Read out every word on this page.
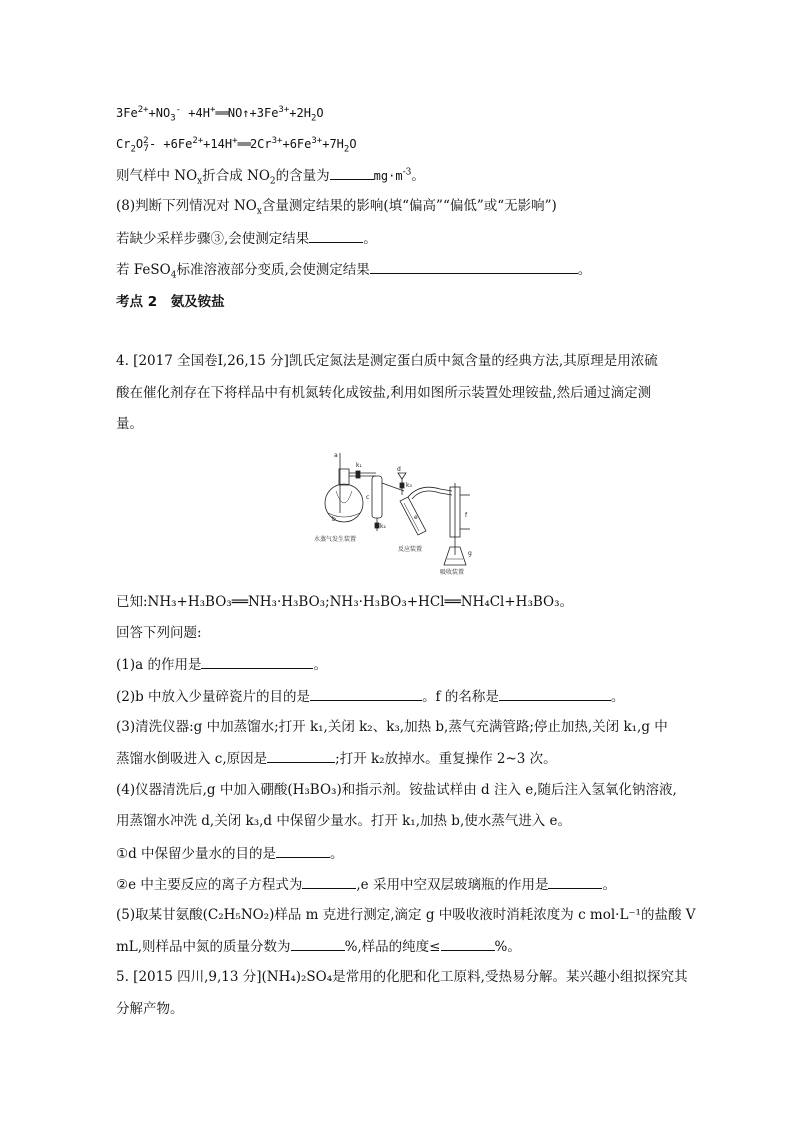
$3Fe^{2+}+NO_3^-$ $+4H^+══NO↑+3Fe^{3+}+2H_2O$
$Cr_2O^2_7-$ $+6Fe^{2+}+14H^+══2Cr^{3+}+6Fe^{3+}+7H_2O$
则气样中 $NO_x$折合成 $NO_2$的含量为	$mg\cdot m^{-3}$。
(8)判断下列情况对 $NO_x$含量测定结果的影响(填“偏高”“偏低”或“无影响”)
若缺少采样步骤③,会使测定结果	。
若 FeSO$_4$标准溶液部分变质,会使测定结果	。
考点 2　氨及铵盐
4. [2017 全国卷Ⅰ,26,15 分]凯氏定氮法是测定蛋白质中氮含量的经典方法,其原理是用浓硫
酸在催化剂存在下将样品中有机氮转化成铵盐,利用如图所示装置处理铵盐,然后通过滴定测
量。
a
b
c
d
e	f
g
k₁
k₂
k₃
水蒸气发生装置
反应装置
吸收装置
已知:NH₃+H₃BO₃══NH₃·H₃BO₃;NH₃·H₃BO₃+HCl══NH₄Cl+H₃BO₃。
回答下列问题:
(1)a 的作用是	。
(2)b 中放入少量碎瓷片的目的是	。f 的名称是	。
(3)清洗仪器:g 中加蒸馏水;打开 k₁,关闭 k₂、k₃,加热 b,蒸气充满管路;停止加热,关闭 k₁,g 中
蒸馏水倒吸进入 c,原因是	;打开 k₂放掉水。重复操作 2~3 次。
(4)仪器清洗后,g 中加入硼酸(H₃BO₃)和指示剂。铵盐试样由 d 注入 e,随后注入氢氧化钠溶液,
用蒸馏水冲洗 d,关闭 k₃,d 中保留少量水。打开 k₁,加热 b,使水蒸气进入 e。
①d 中保留少量水的目的是	。
②e 中主要反应的离子方程式为	,e 采用中空双层玻璃瓶的作用是	。
(5)取某甘氨酸(C₂H₅NO₂)样品 m 克进行测定,滴定 g 中吸收液时消耗浓度为 c mol·L⁻¹的盐酸 V
mL,则样品中氮的质量分数为	%,样品的纯度≤	%。
5. [2015 四川,9,13 分](NH₄)₂SO₄是常用的化肥和化工原料,受热易分解。某兴趣小组拟探究其
分解产物。
